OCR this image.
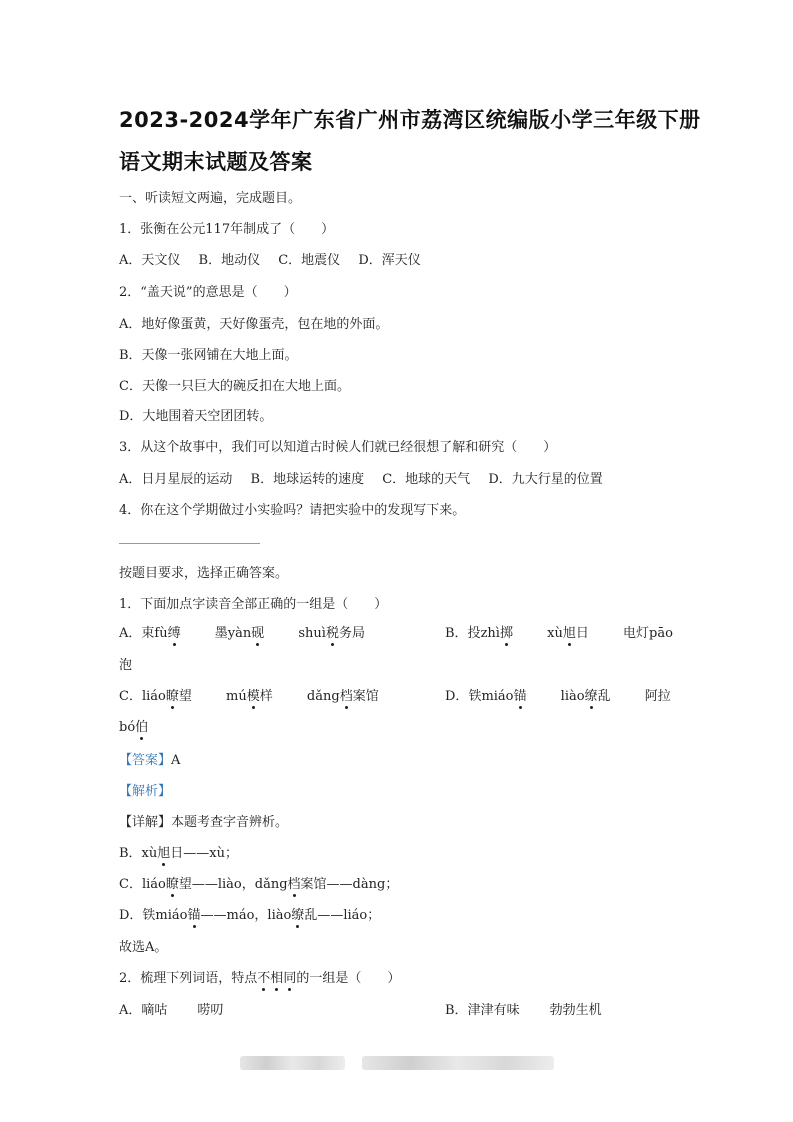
2023-2024学年广东省广州市荔湾区统编版小学三年级下册
语文期末试题及答案
一、听读短文两遍，完成题目。
1．张衡在公元117年制成了（　　）
A．天文仪 B．地动仪 C．地震仪 D．浑天仪
2．“盖天说”的意思是（　　）
A．地好像蛋黄，天好像蛋壳，包在地的外面。
B．天像一张网铺在大地上面。
C．天像一只巨大的碗反扣在大地上面。
D．大地围着天空团团转。
3．从这个故事中，我们可以知道古时候人们就已经很想了解和研究（　　）
A．日月星辰的运动 B．地球运转的速度 C．地球的天气 D．九大行星的位置
4．你在这个学期做过小实验吗？请把实验中的发现写下来。
按题目要求，选择正确答案。
1．下面加点字读音全部正确的一组是（　　）
A．束fù缚	墨yàn砚	shuì税务局	B．投zhì掷	xù旭日	电灯pāo
泡
C．liáo瞭望	mú模样	dǎng档案馆	D．铁miáo锚	liào缭乱	阿拉
bó伯
【答案】A
【解析】
【详解】本题考查字音辨析。
B．xù旭日——xù；
C．liáo瞭望——liào，dǎng档案馆——dàng；
D．铁miáo锚——máo，liào缭乱——liáo；
故选A。
2．梳理下列词语，特点不相同的一组是（　　）
A．嘀咕 唠叨	B．津津有味 勃勃生机
